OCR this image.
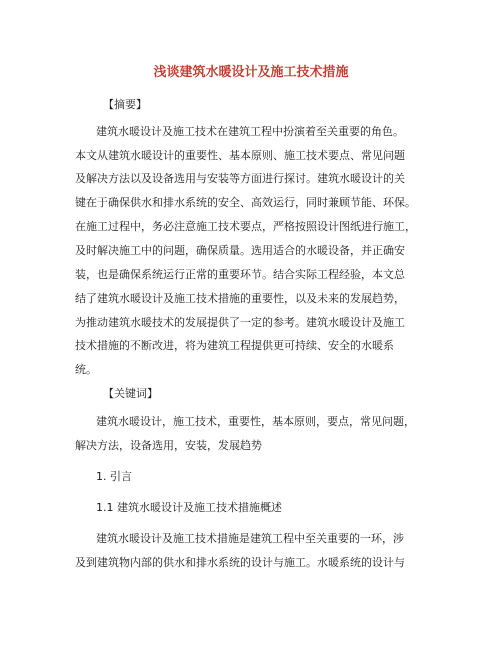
浅谈建筑水暖设计及施工技术措施
【摘要】
建筑水暖设计及施工技术在建筑工程中扮演着至关重要的角色。
本文从建筑水暖设计的重要性、基本原则、施工技术要点、常见问题
及解决方法以及设备选用与安装等方面进行探讨。建筑水暖设计的关
键在于确保供水和排水系统的安全、高效运行，同时兼顾节能、环保。
在施工过程中，务必注意施工技术要点，严格按照设计图纸进行施工，
及时解决施工中的问题，确保质量。选用适合的水暖设备，并正确安
装，也是确保系统运行正常的重要环节。结合实际工程经验，本文总
结了建筑水暖设计及施工技术措施的重要性，以及未来的发展趋势，
为推动建筑水暖技术的发展提供了一定的参考。建筑水暖设计及施工
技术措施的不断改进，将为建筑工程提供更可持续、安全的水暖系
统。
【关键词】
建筑水暖设计，施工技术，重要性，基本原则，要点，常见问题，
解决方法，设备选用，安装，发展趋势
1. 引言
1.1 建筑水暖设计及施工技术措施概述
建筑水暖设计及施工技术措施是建筑工程中至关重要的一环，涉
及到建筑物内部的供水和排水系统的设计与施工。水暖系统的设计与
